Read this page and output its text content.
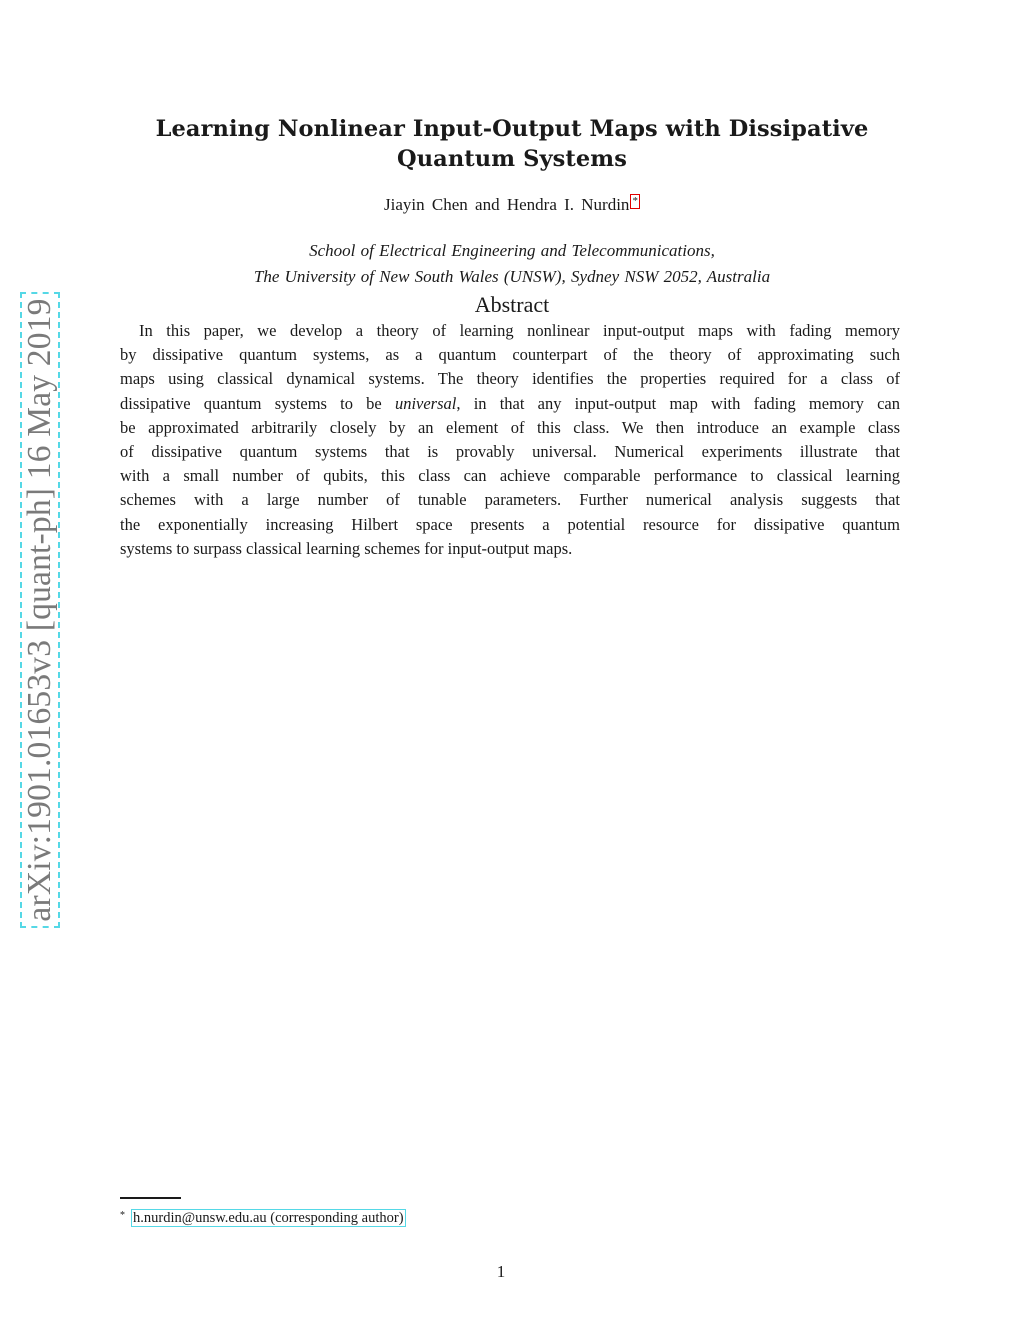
arXiv:1901.01653v3 [quant-ph] 16 May 2019
Learning Nonlinear Input-Output Maps with Dissipative
Quantum Systems
Jiayin Chen and Hendra I. Nurdin *
School of Electrical Engineering and Telecommunications,
The University of New South Wales (UNSW), Sydney NSW 2052, Australia
Abstract
In this paper, we develop a theory of learning nonlinear input-output maps with fading memory
by dissipative quantum systems, as a quantum counterpart of the theory of approximating such
maps using classical dynamical systems. The theory identifies the properties required for a class of
dissipative quantum systems to be universal, in that any input-output map with fading memory can
be approximated arbitrarily closely by an element of this class. We then introduce an example class
of dissipative quantum systems that is provably universal. Numerical experiments illustrate that
with a small number of qubits, this class can achieve comparable performance to classical learning
schemes with a large number of tunable parameters. Further numerical analysis suggests that
the exponentially increasing Hilbert space presents a potential resource for dissipative quantum
systems to surpass classical learning schemes for input-output maps.
* h.nurdin@unsw.edu.au (corresponding author)
1
